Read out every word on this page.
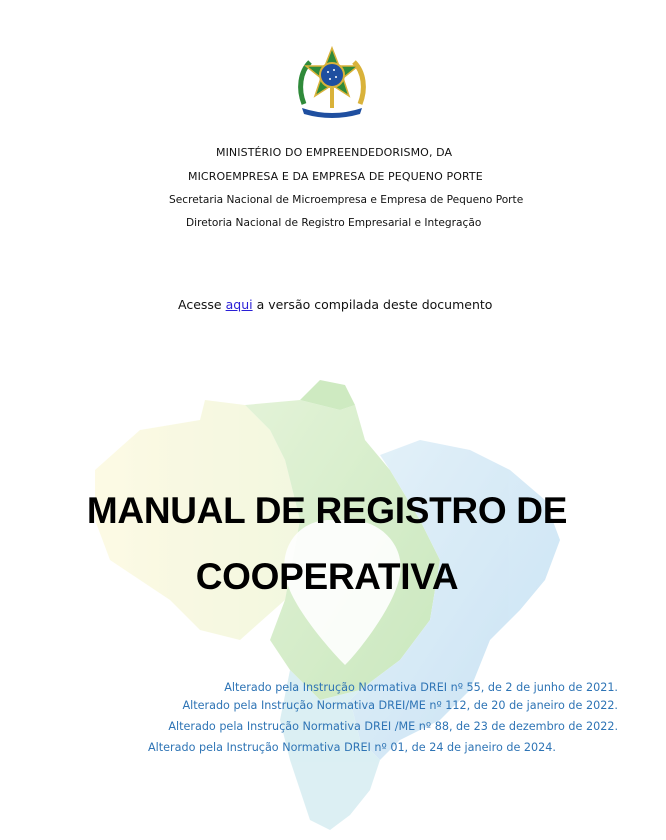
MINISTÉRIO DO EMPREENDEDORISMO, DA
MICROEMPRESA E DA EMPRESA DE PEQUENO PORTE
Secretaria Nacional de Microempresa e Empresa de Pequeno Porte
Diretoria Nacional de Registro Empresarial e Integração
Acesse aqui a versão compilada deste documento
MANUAL DE REGISTRO DE
COOPERATIVA
Alterado pela Instrução Normativa DREI nº 55, de 2 de junho de 2021.
Alterado pela Instrução Normativa DREI/ME nº 112, de 20 de janeiro de 2022.
Alterado pela Instrução Normativa DREI /ME nº 88, de 23 de dezembro de 2022.
Alterado pela Instrução Normativa DREI nº 01, de 24 de janeiro de 2024.
